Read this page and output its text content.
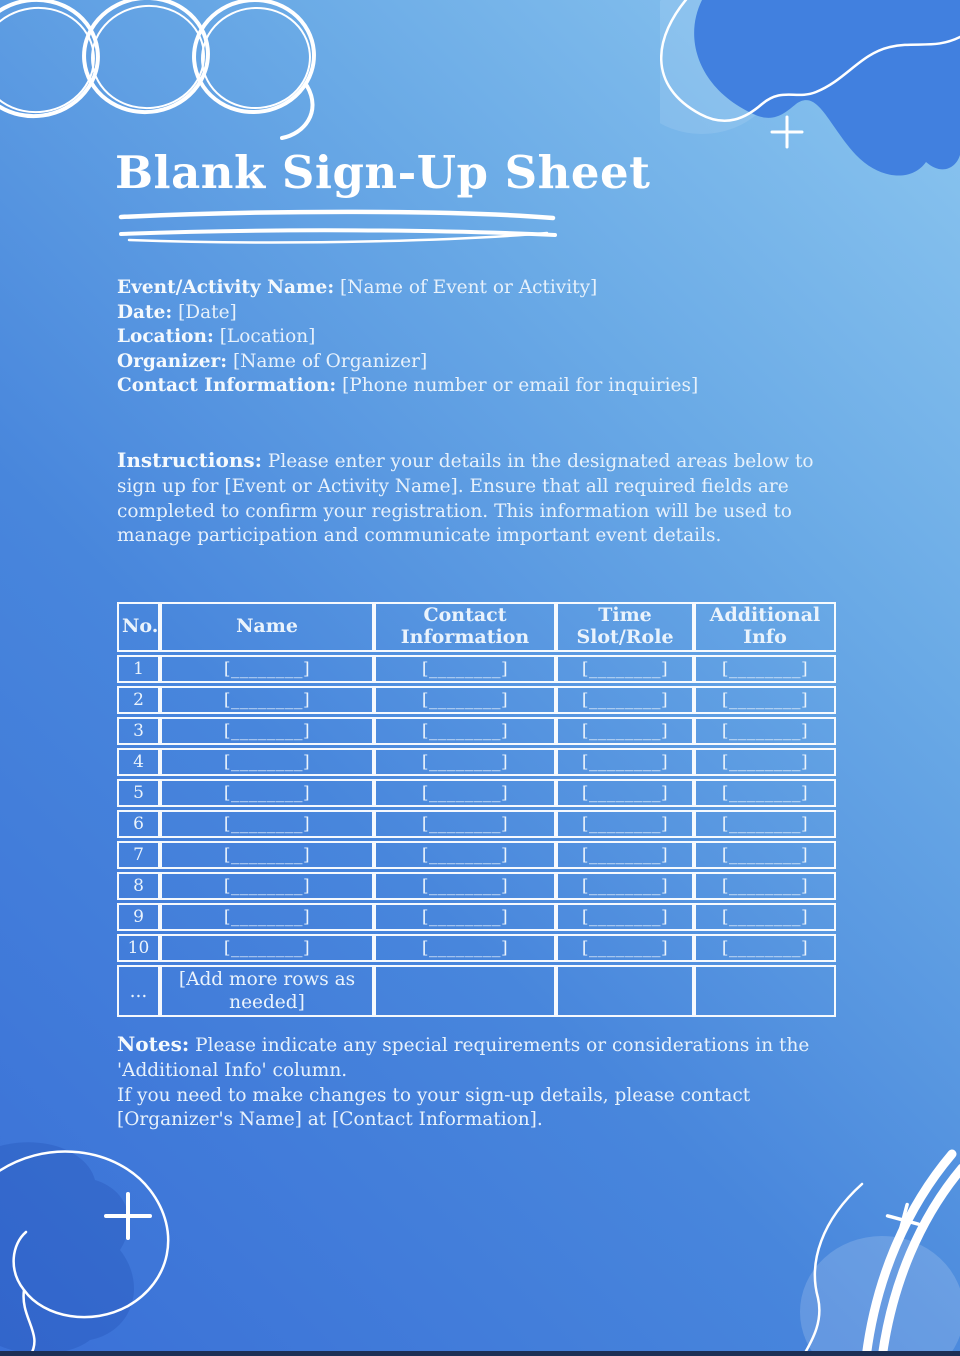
Blank Sign-Up Sheet
Event/Activity Name: [Name of Event or Activity]
Date: [Date]
Location: [Location]
Organizer: [Name of Organizer]
Contact Information: [Phone number or email for inquiries]
Instructions: Please enter your details in the designated areas below to sign up for [Event or Activity Name]. Ensure that all required fields are completed to confirm your registration. This information will be used to manage participation and communicate important event details.
No.	Name	Contact Information	Time Slot/Role	Additional Info
1	[________]	[________]	[________]	[________]
2	[________]	[________]	[________]	[________]
3	[________]	[________]	[________]	[________]
4	[________]	[________]	[________]	[________]
5	[________]	[________]	[________]	[________]
6	[________]	[________]	[________]	[________]
7	[________]	[________]	[________]	[________]
8	[________]	[________]	[________]	[________]
9	[________]	[________]	[________]	[________]
10	[________]	[________]	[________]	[________]
...	[Add more rows as needed]			

Notes: Please indicate any special requirements or considerations in the 'Additional Info' column.

If you need to make changes to your sign-up details, please contact [Organizer's Name] at [Contact Information].
